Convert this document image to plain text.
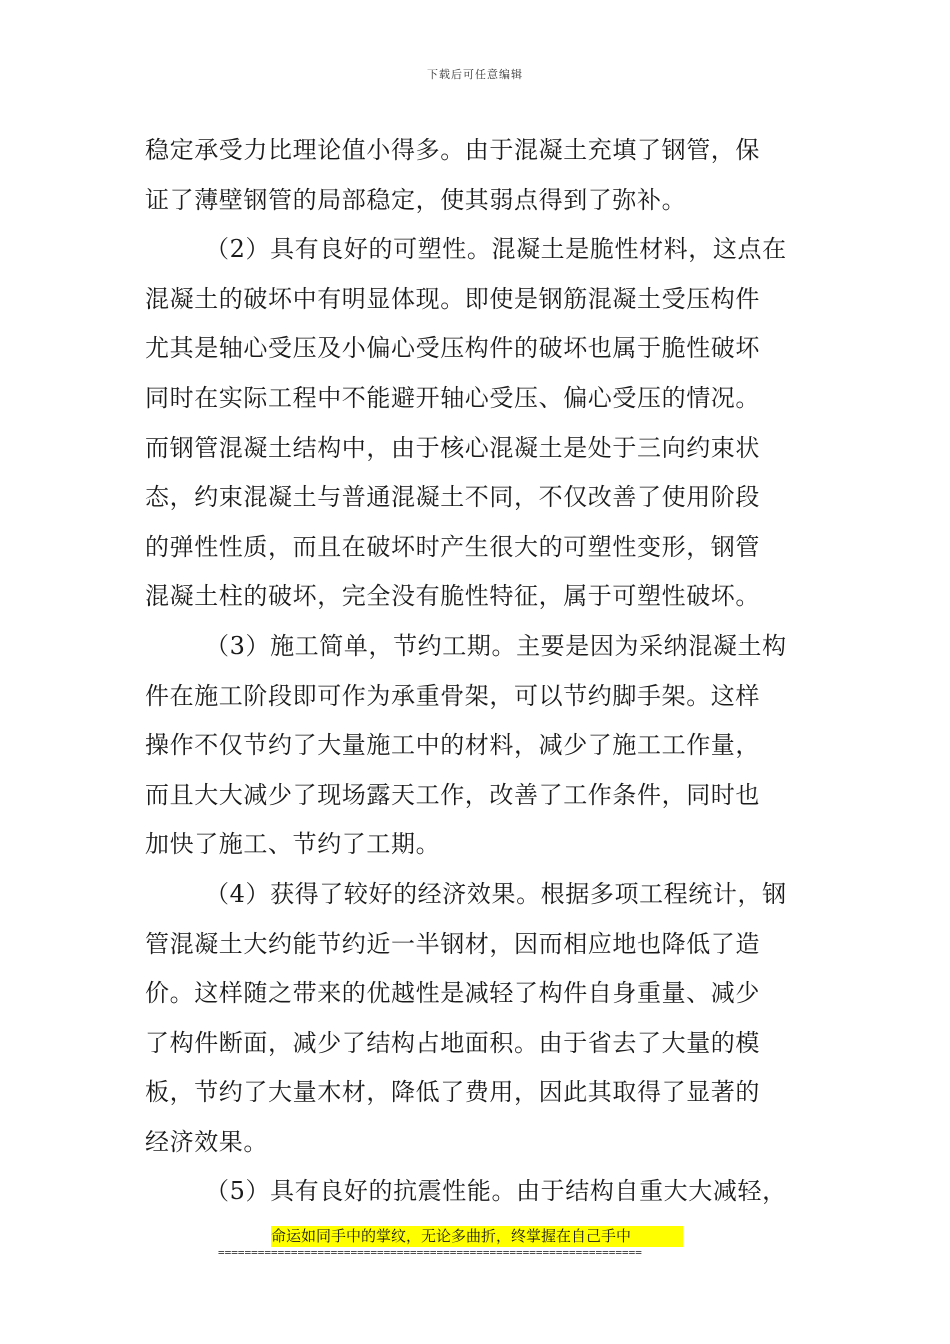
下载后可任意编辑
稳定承受力比理论值小得多。由于混凝土充填了钢管，保
证了薄壁钢管的局部稳定，使其弱点得到了弥补。
（2）具有良好的可塑性。混凝土是脆性材料，这点在
混凝土的破坏中有明显体现。即使是钢筋混凝土受压构件
尤其是轴心受压及小偏心受压构件的破坏也属于脆性破坏
同时在实际工程中不能避开轴心受压、偏心受压的情况。
而钢管混凝土结构中，由于核心混凝土是处于三向约束状
态，约束混凝土与普通混凝土不同，不仅改善了使用阶段
的弹性性质，而且在破坏时产生很大的可塑性变形，钢管
混凝土柱的破坏，完全没有脆性特征，属于可塑性破坏。
（3）施工简单，节约工期。主要是因为采纳混凝土构
件在施工阶段即可作为承重骨架，可以节约脚手架。这样
操作不仅节约了大量施工中的材料，减少了施工工作量，
而且大大减少了现场露天工作，改善了工作条件，同时也
加快了施工、节约了工期。
（4）获得了较好的经济效果。根据多项工程统计，钢
管混凝土大约能节约近一半钢材，因而相应地也降低了造
价。这样随之带来的优越性是减轻了构件自身重量、减少
了构件断面，减少了结构占地面积。由于省去了大量的模
板，节约了大量木材，降低了费用，因此其取得了显著的
经济效果。
（5）具有良好的抗震性能。由于结构自重大大减轻，
命运如同手中的掌纹，无论多曲折，终掌握在自己手中
================================================================
